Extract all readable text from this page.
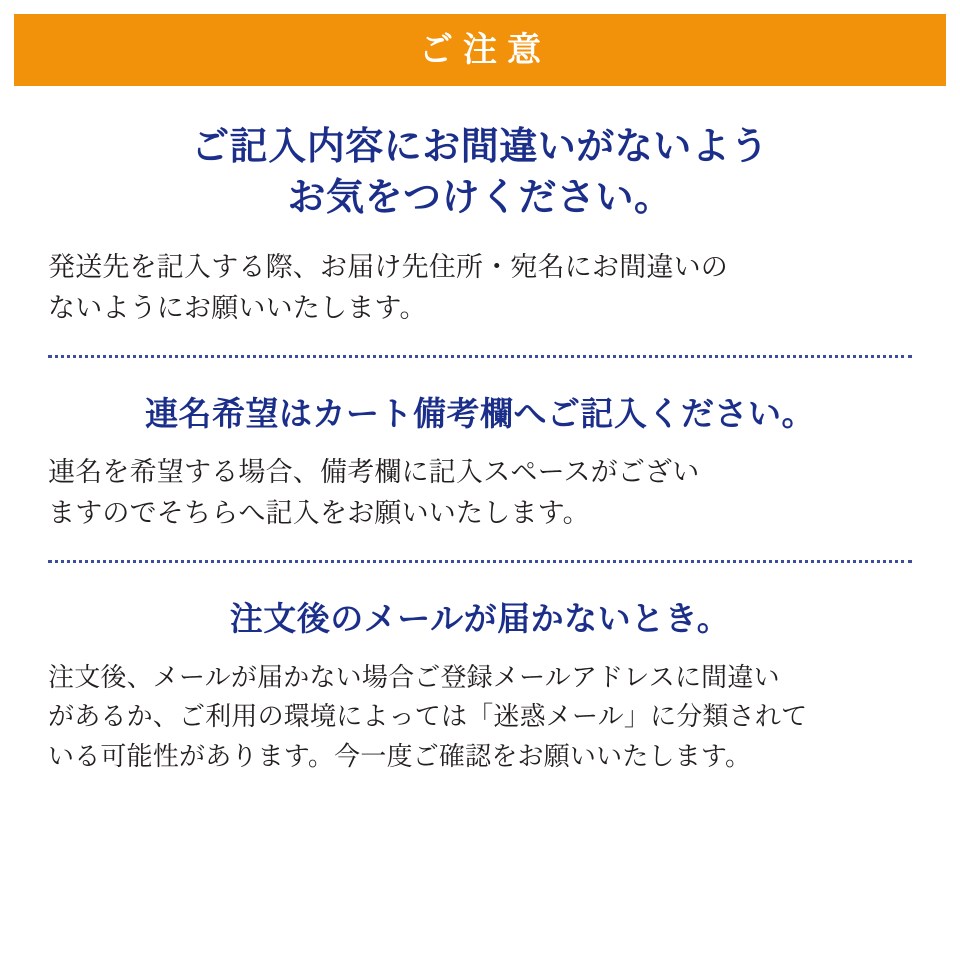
ご注意
ご記入内容にお間違いがないよう
お気をつけください。
発送先を記入する際、お届け先住所・宛名にお間違いの
ないようにお願いいたします。
連名希望はカート備考欄へご記入ください。
連名を希望する場合、備考欄に記入スペースがござい
ますのでそちらへ記入をお願いいたします。
注文後のメールが届かないとき。
注文後、メールが届かない場合ご登録メールアドレスに間違い
があるか、ご利用の環境によっては「迷惑メール」に分類されて
いる可能性があります。今一度ご確認をお願いいたします。
